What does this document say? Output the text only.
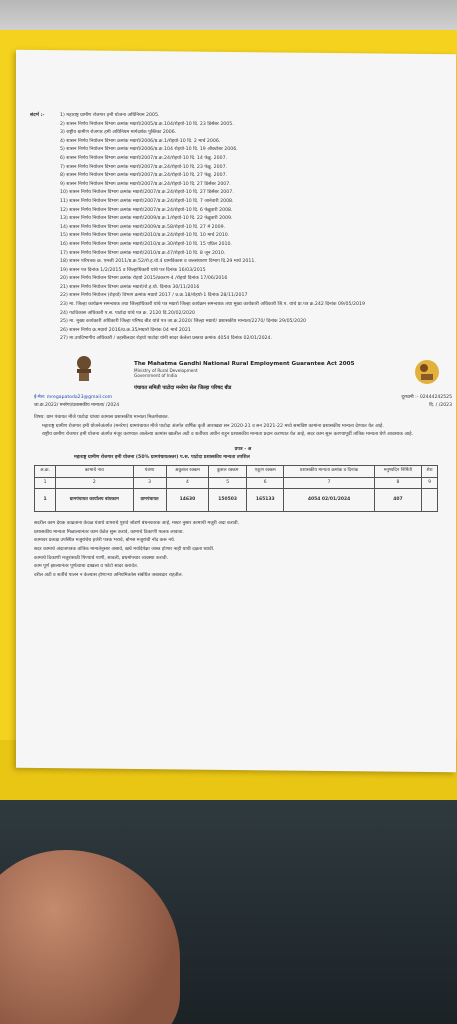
संदर्भ :-	1) महाराष्ट्र ग्रामीण रोजगार हमी योजना अधिनियम 2005.
2) शासन निर्णय नियोजन विभाग क्रमांक मग्रारो/2005/प्र.क्र.104/रोहयो-10 दि. 23 डिसेंबर 2005.
3) राष्ट्रीय ग्रामीण रोजगार हमी अधिनियम मार्गदर्शक पुस्तिका 2006.
4) शासन निर्णय नियोजन विभाग क्रमांक मग्रारो/2006/प्र.क्र.1/रोहयो-10 दि. 2 मार्च 2006.
5) शासन निर्णय नियोजन विभाग क्रमांक मग्रारो/2006/प्र.क्र.104 रोहयो-10 दि. 19 ऑक्टोबर 2006.
6) शासन निर्णय नियोजन विभाग क्रमांक मग्रारो/2007/प्र.क्र.24/रोहयो-10 दि. 14 फेब्रु. 2007.
7) शासन निर्णय नियोजन विभाग क्रमांक मग्रारो/2007/प्र.क्र.24/रोहयो-10 दि. 23 फेब्रु. 2007.
8) शासन निर्णय नियोजन विभाग क्रमांक मग्रारो/2007/प्र.क्र.24/रोहयो-10 दि. 27 फेब्रु. 2007.
9) शासन निर्णय नियोजन विभाग क्रमांक मग्रारो/2007/प्र.क्र.24/रोहयो-10 दि. 27 डिसेंबर 2007.
10) शासन निर्णय नियोजन विभाग क्रमांक मग्रारो/2007/प्र.क्र.24/रोहयो-10 दि. 27 डिसेंबर 2007.
11) शासन निर्णय नियोजन विभाग क्रमांक मग्रारो/2007/प्र.क्र.24/रोहयो-10 दि. 7 जानेवारी 2008.
12) शासन निर्णय नियोजन विभाग क्रमांक मग्रारो/2007/प्र.क्र.24/रोहयो-10 दि. 6 फेब्रुवारी 2008.
13) शासन निर्णय नियोजन विभाग क्रमांक मग्रारो/2009/प्र.क्र.1/रोहयो-10 दि. 22 फेब्रुवारी 2009.
14) शासन निर्णय नियोजन विभाग क्रमांक मग्रारो/2009/प्र.क्र.58/रोहयो-10 दि. 27 मे 2009.
15) शासन निर्णय नियोजन विभाग क्रमांक मग्रारो/2010/प्र.क्र.24/रोहयो-10 दि. 10 मार्च 2010.
16) शासन निर्णय नियोजन विभाग क्रमांक मग्रारो/2010/प्र.क्र.30/रोहयो-10 दि. 15 एप्रिल 2010.
17) शासन निर्णय नियोजन विभाग क्रमांक मग्रारो/2010/प्र.क्र.47/रोहयो-10 दि. 8 जून 2010.
18) शासन परिपत्रक क्र. एमजी 2011/प्र.क्र.52/रो.ह.यो.4 ग्रामविकास व जलसंधारण विभाग दि.29 मार्च 2011.
19) शासन पत्र दिनांक 1/2/2015 व जिल्हाधिकारी यांचे पत्र दिनांक 16/03/2015
20) शासन निर्णय नियोजन विभाग क्रमांक रोहयो 2015/प्रकरण-4 /रोहयो दिनांक 17/06/2016
21) शासन निर्णय नियोजन विभाग क्रमांक मग्रारो/रो.ह.यो. दिनांक 30/11/2016
22) शासन निर्णय नियोजन (रोहयो) विभाग क्रमांक मग्रारो 2017 / प्र.क्र.18/रोहयो-1 दिनांक 28/11/2017
23) मा. जिल्हा कार्यक्रम समन्वयक तथा जिल्हाधिकारी यांचे पत्र मग्रारो जिल्हा कार्यक्रम समन्वयक तथा मुख्य कार्यकारी अधिकारी जि.प. यांचे प्रा.पत्र क्र.242 दिनांक 09/05/2019
24) गटविकास अधिकारी प.स. पाटोदा यांचे पत्र क्र. 2120 दि.20/02/2020
25) मा. मुख्य कार्यकारी अधिकारी जिल्हा परिषद बीड यांचे पत्र जा.क्र.2020/ जिल्हा मग्रारो/ प्रशासकीय मान्यता/2270/ दिनांक 29/05/2020
26) शासन निर्णय क्र.मग्रारो 2016/प्र.क्र.35/मग्रारो दिनांक 04 मार्च 2021
27) मा.उपविभागीय अधिकारी / तहसीलदार रोहयो पाटोदा यांनी सादर केलेला प्रस्ताव क्रमांक 4054 दिनांक 02/01/2024.
The Mahatma Gandhi National Rural Employment Guarantee Act 2005
Ministry of Rural Development
Government of India
पंचायत समिती पाटोदा मनरेगा सेल जिल्हा परिषद बीड
ई-मेल: mregapatoda23@gmail.com	दूरध्वनी :- 02444242525
जा.क्र.2022/ मनरेगा/प्रशासकीय मान्यता/ /2024	दि. / /2023
विषय: ग्राम पंचायत मौजे पाटोदा यांच्या कामास प्रशासकीय मान्यता मिळणेबाबत.
महाराष्ट्र ग्रामीण रोजगार हमी योजनेअंतर्गत (मनरेगा) ग्रामपंचायत मौजे पाटोदा अंतर्गत वार्षिक कृती आराखडा सन 2020-21 व सन 2021-22 मध्ये समाविष्ट कामांना प्रशासकीय मान्यता देण्यात येत आहे.
राष्ट्रीय ग्रामीण रोजगार हमी योजना अंतर्गत मंजूर करण्यात आलेल्या कामांस खालील अटी व शर्तीच्या अधीन राहून प्रशासकीय मान्यता प्रदान करण्यात येत आहे, सदर काम सुरू करण्यापूर्वी तांत्रिक मान्यता घेणे आवश्यक आहे.
प्रपत्र - अ
महाराष्ट्र ग्रामीण रोजगार हमी योजना (50% ग्रामपंचायतस्तर) प.स. पाटोदा प्रशासकीय मान्यता तपशिल
अ.क्र.	कामाचे नाव	यंत्रणा	अकुशल रक्कम	कुशल रक्कम	एकूण रक्कम	प्रशासकीय मान्यता क्रमांक व दिनांक	मनुष्यदिन निर्मिती	शेरा
1	2	3	4	5	6	7	8	9
1	ग्रामपंचायत कार्यालय बांधकाम	ग्रामपंचायत	14630	150503	165133	4054 02/01/2024	407	
सदरील काम देयक काढताना केवळ यंत्राचे वापराचे पुरावे जोडणे बंधनकारक आहे, मस्टर नुसार कामाची मजुरी अदा करावी.
प्रशासकीय मान्यता मिळाल्यानंतर काम वेळेत सुरू करावे, कामाचे ठिकाणी फलक लावावा.
कामावर प्रत्यक्ष उपस्थित मजुरांचेच हजेरी पत्रक भरावे, बोगस मजुरांची नोंद करू नये.
सदर कामाचे अंदाजपत्रक तांत्रिक मान्यतेनुसार असावे, खर्च मर्यादेपेक्षा जास्त होणार नाही याची दक्षता घ्यावी.
कामाचे ठिकाणी मजुरांसाठी पिण्याचे पाणी, सावली, प्रथमोपचार व्यवस्था करावी.
काम पूर्ण झाल्यानंतर पूर्णत्वाचा दाखला व फोटो सादर करावेत.
वरील अटी व शर्तीचे पालन न केल्यास होणाऱ्या अनियमिततेस संबंधित जबाबदार राहतील.
